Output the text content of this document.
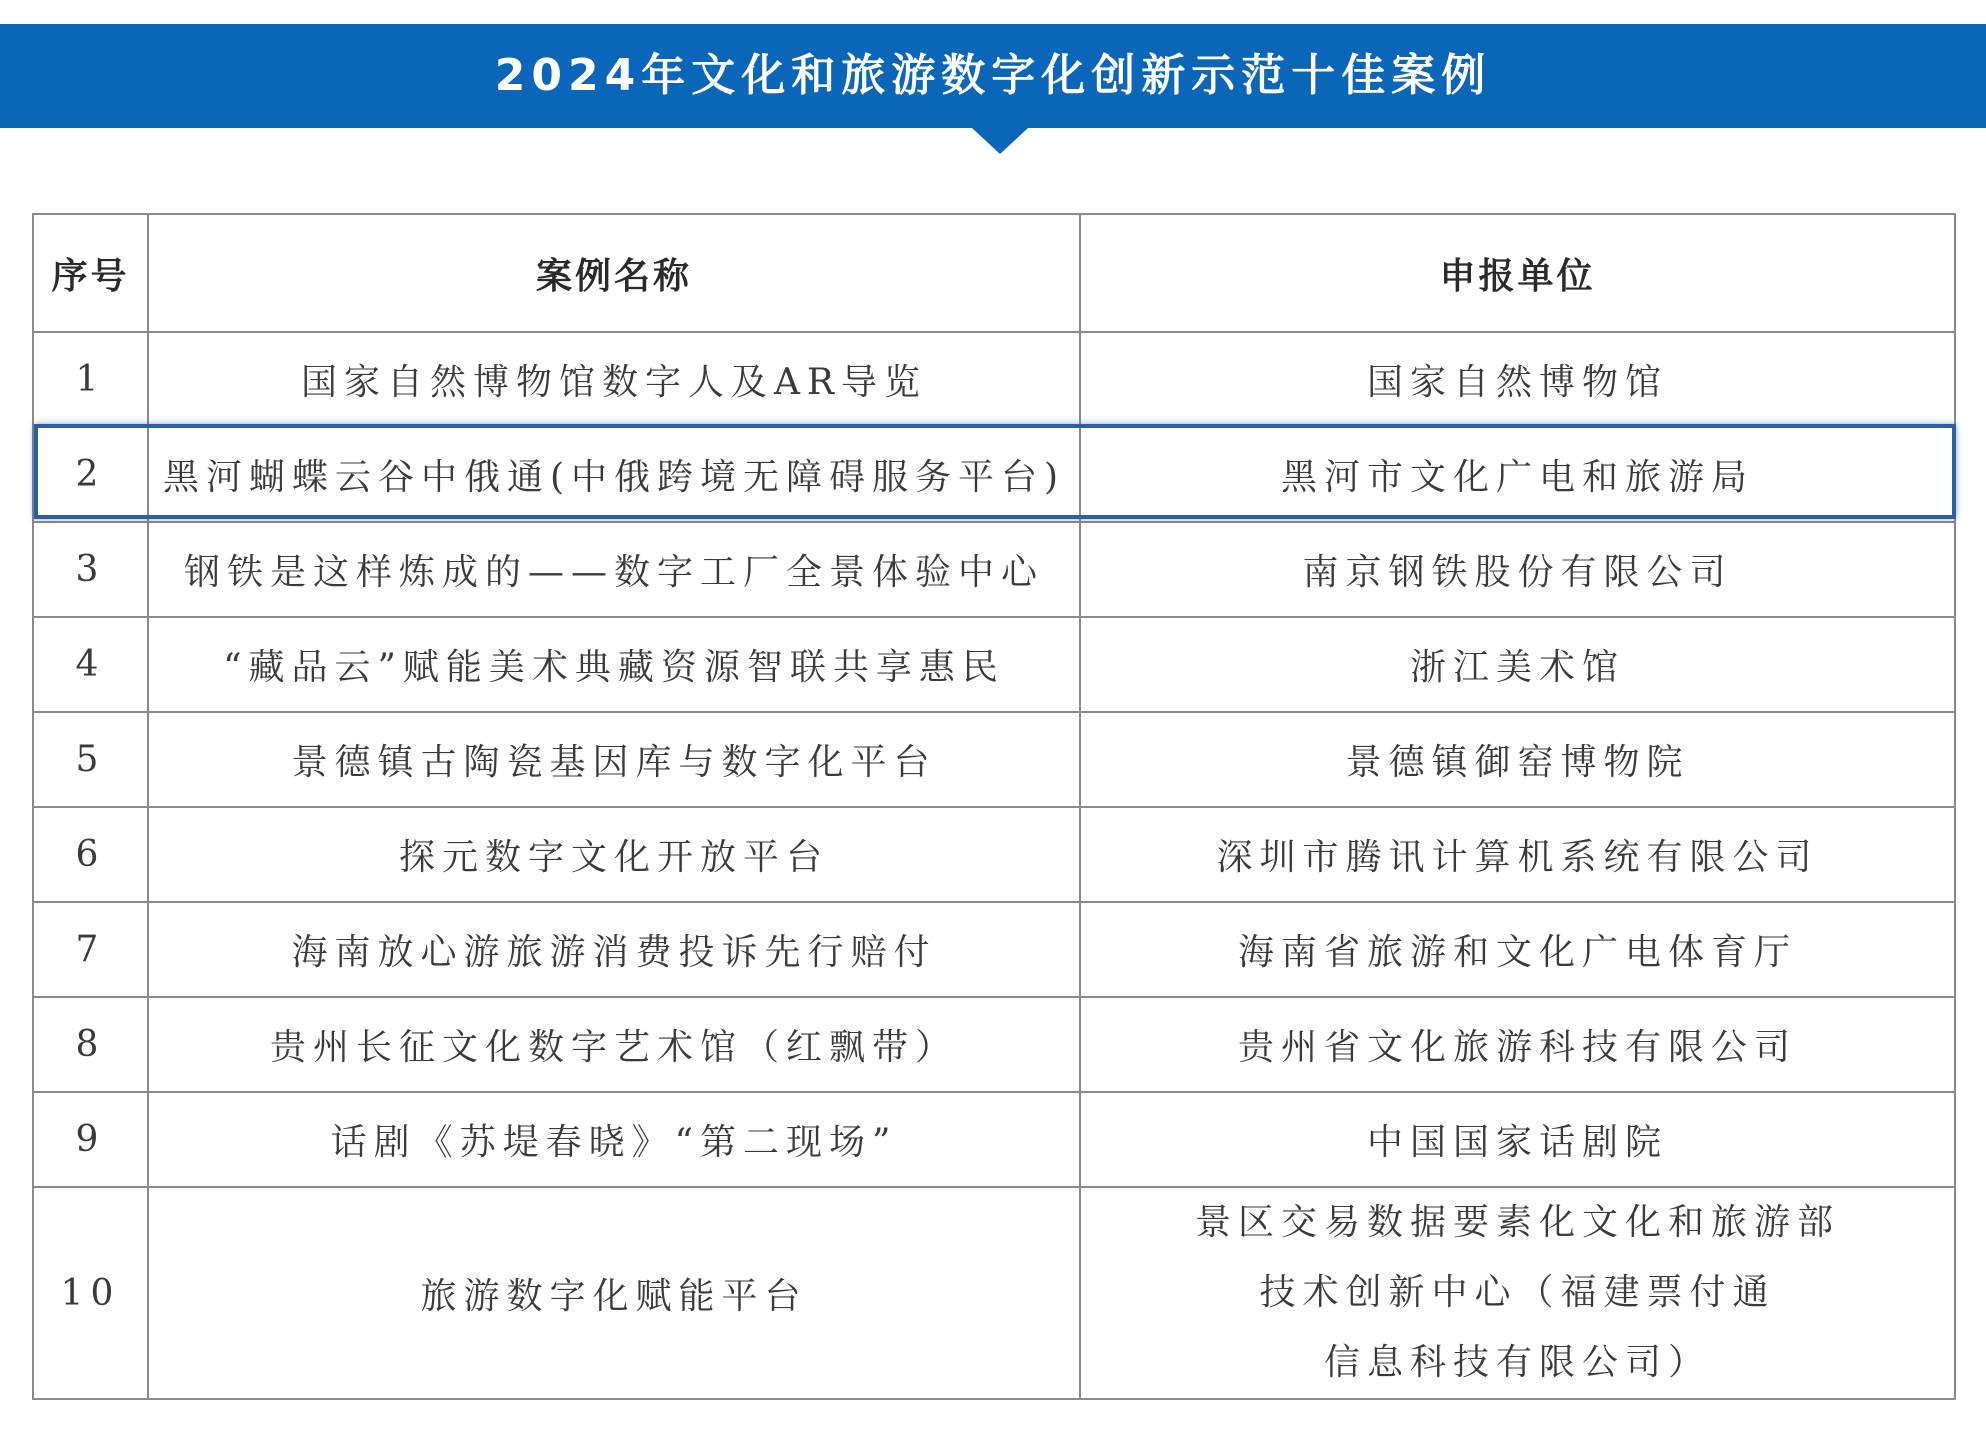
2024年文化和旅游数字化创新示范十佳案例
序号	案例名称	申报单位
1	国家自然博物馆数字人及AR导览	国家自然博物馆
2	黑河蝴蝶云谷中俄通(中俄跨境无障碍服务平台)	黑河市文化广电和旅游局
3	钢铁是这样炼成的——数字工厂全景体验中心	南京钢铁股份有限公司
4	“藏品云”赋能美术典藏资源智联共享惠民	浙江美术馆
5	景德镇古陶瓷基因库与数字化平台	景德镇御窑博物院
6	探元数字文化开放平台	深圳市腾讯计算机系统有限公司
7	海南放心游旅游消费投诉先行赔付	海南省旅游和文化广电体育厅
8	贵州长征文化数字艺术馆（红飘带）	贵州省文化旅游科技有限公司
9	话剧《苏堤春晓》“第二现场”	中国国家话剧院
10	旅游数字化赋能平台	景区交易数据要素化文化和旅游部
技术创新中心（福建票付通
信息科技有限公司）
